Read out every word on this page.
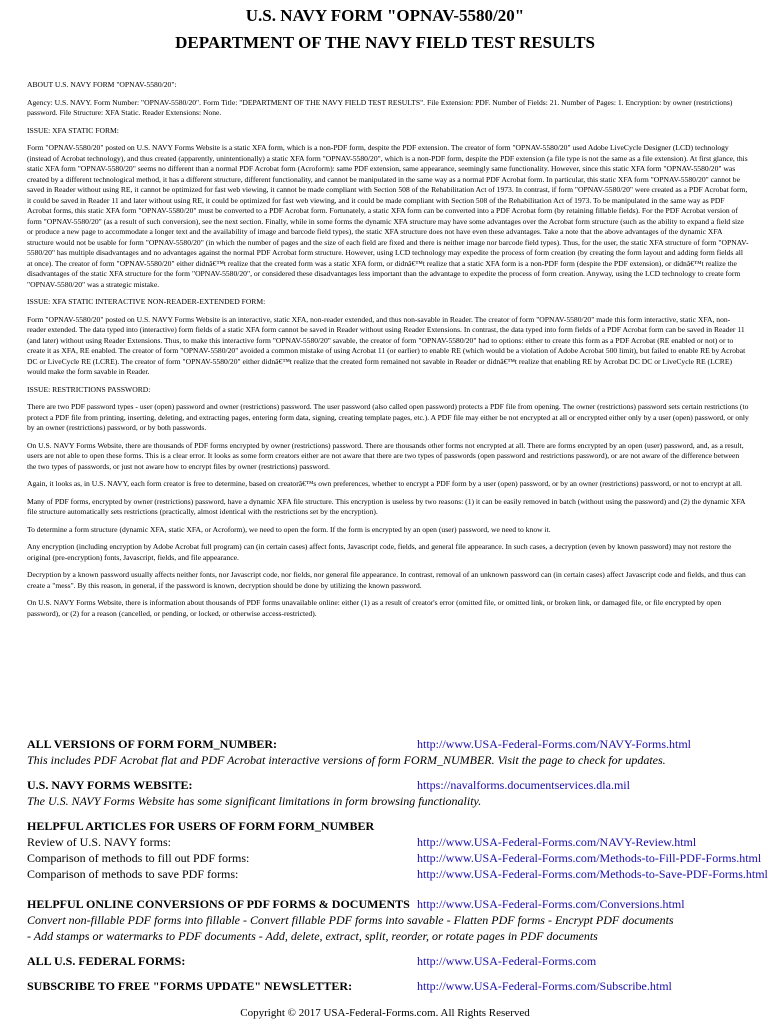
U.S. NAVY FORM "OPNAV-5580/20"
DEPARTMENT OF THE NAVY FIELD TEST RESULTS

ABOUT U.S. NAVY FORM "OPNAV-5580/20":

Agency: U.S. NAVY. Form Number: "OPNAV-5580/20". Form Title: "DEPARTMENT OF THE NAVY FIELD TEST RESULTS". File Extension: PDF. Number of Fields: 21. Number of Pages: 1. Encryption: by owner (restrictions) password. File Structure: XFA Static. Reader Extensions: None.

ISSUE: XFA STATIC FORM:

Form "OPNAV-5580/20" posted on U.S. NAVY Forms Website is a static XFA form, which is a non-PDF form, despite the PDF extension. The creator of form "OPNAV-5580/20" used Adobe LiveCycle Designer (LCD) technology (instead of Acrobat technology), and thus created (apparently, unintentionally) a static XFA form "OPNAV-5580/20", which is a non-PDF form, despite the PDF extension (a file type is not the same as a file extension). At first glance, this static XFA form "OPNAV-5580/20" seems no different than a normal PDF Acrobat form (Acroform): same PDF extension, same appearance, seemingly same functionality. However, since this static XFA form "OPNAV-5580/20" was created by a different technological method, it has a different structure, different functionality, and cannot be manipulated in the same way as a normal PDF Acrobat form. In particular, this static XFA form "OPNAV-5580/20" cannot be saved in Reader without using RE, it cannot be optimized for fast web viewing, it cannot be made compliant with Section 508 of the Rehabilitation Act of 1973. In contrast, if form "OPNAV-5580/20" were created as a PDF Acrobat form, it could be saved in Reader 11 and later without using RE, it could be optimized for fast web viewing, and it could be made compliant with Section 508 of the Rehabilitation Act of 1973. To be manipulated in the same way as PDF Acrobat forms, this static XFA form "OPNAV-5580/20" must be converted to a PDF Acrobat form. Fortunately, a static XFA form can be converted into a PDF Acrobat form (by retaining fillable fields). For the PDF Acrobat version of form "OPNAV-5580/20" (as a result of such conversion), see the next section. Finally, while in some forms the dynamic XFA structure may have some advantages over the Acrobat form structure (such as the ability to expand a field size or produce a new page to accommodate a longer text and the availability of image and barcode field types), the static XFA structure does not have even these advantages. Take a note that the above advantages of the dynamic XFA structure would not be usable for form "OPNAV-5580/20" (in which the number of pages and the size of each field are fixed and there is neither image nor barcode field types). Thus, for the user, the static XFA structure of form "OPNAV-5580/20" has multiple disadvantages and no advantages against the normal PDF Acrobat form structure. However, using LCD technology may expedite the process of form creation (by creating the form layout and adding form fields all at once). The creator of form "OPNAV-5580/20" either didnâ€™t realize that the created form was a static XFA form, or didnâ€™t realize that a static XFA form is a non-PDF form (despite the PDF extension), or didnâ€™t realize the disadvantages of the static XFA structure for the form "OPNAV-5580/20", or considered these disadvantages less important than the advantage to expedite the process of form creation. Anyway, using the LCD technology to create form "OPNAV-5580/20" was a strategic mistake.

ISSUE: XFA STATIC INTERACTIVE NON-READER-EXTENDED FORM:

Form "OPNAV-5580/20" posted on U.S. NAVY Forms Website is an interactive, static XFA, non-reader extended, and thus non-savable in Reader. The creator of form "OPNAV-5580/20" made this form interactive, static XFA, non-reader extended. The data typed into (interactive) form fields of a static XFA form cannot be saved in Reader without using Reader Extensions. In contrast, the data typed into form fields of a PDF Acrobat form can be saved in Reader 11 (and later) without using Reader Extensions. Thus, to make this interactive form "OPNAV-5580/20" savable, the creator of form "OPNAV-5580/20" had to options: either to create this form as a PDF Acrobat (RE enabled or not) or to create it as XFA, RE enabled. The creator of form "OPNAV-5580/20" avoided a common mistake of using Acrobat 11 (or earlier) to enable RE (which would be a violation of Adobe Acrobat 500 limit), but failed to enable RE by Acrobat DC or LiveCycle RE (LCRE). The creator of form "OPNAV-5580/20" either didnâ€™t realize that the created form remained not savable in Reader or didnâ€™t realize that enabling RE by Acrobat DC DC or LiveCycle RE (LCRE) would make the form savable in Reader.

ISSUE: RESTRICTIONS PASSWORD:

There are two PDF password types - user (open) password and owner (restrictions) password. The user password (also called open password) protects a PDF file from opening. The owner (restrictions) password sets certain restrictions (to protect a PDF file from printing, inserting, deleting, and extracting pages, entering form data, signing, creating template pages, etc.). A PDF file may either be not encrypted at all or encrypted either only by a user (open) password, or only by an owner (restrictions) password, or by both passwords.

On U.S. NAVY Forms Website, there are thousands of PDF forms encrypted by owner (restrictions) password. There are thousands other forms not encrypted at all. There are forms encrypted by an open (user) password, and, as a result, users are not able to open these forms. This is a clear error. It looks as some form creators either are not aware that there are two types of passwords (open password and restrictions password), or are not aware of the difference between the two types of passwords, or just not aware how to encrypt files by owner (restrictions) password.

Again, it looks as, in U.S. NAVY, each form creator is free to determine, based on creatorâ€™s own preferences, whether to encrypt a PDF form by a user (open) password, or by an owner (restrictions) password, or not to encrypt at all.

Many of PDF forms, encrypted by owner (restrictions) password, have a dynamic XFA file structure. This encryption is useless by two reasons: (1) it can be easily removed in batch (without using the password) and (2) the dynamic XFA file structure automatically sets restrictions (practically, almost identical with the restrictions set by the encryption).

To determine a form structure (dynamic XFA, static XFA, or Acroform), we need to open the form. If the form is encrypted by an open (user) password, we need to know it.

Any encryption (including encryption by Adobe Acrobat full program) can (in certain cases) affect fonts, Javascript code, fields, and general file appearance. In such cases, a decryption (even by known password) may not restore the original (pre-encryption) fonts, Javascript, fields, and file appearance.

Decryption by a known password usually affects neither fonts, nor Javascript code, nor fields, nor general file appearance. In contrast, removal of an unknown password can (in certain cases) affect Javascript code and fields, and thus can create a "mess". By this reason, in general, if the password is known, decryption should be done by utilizing the known password.

On U.S. NAVY Forms Website, there is information about thousands of PDF forms unavailable online: either (1) as a result of creator's error (omitted file, or omitted link, or broken link, or damaged file, or file encrypted by open password), or (2) for a reason (cancelled, or pending, or locked, or otherwise access-restricted).

ALL VERSIONS OF FORM FORM_NUMBER:	http://www.USA-Federal-Forms.com/NAVY-Forms.html
This includes PDF Acrobat flat and PDF Acrobat interactive versions of form FORM_NUMBER. Visit the page to check for updates.
U.S. NAVY FORMS WEBSITE:	https://navalforms.documentservices.dla.mil
The U.S. NAVY Forms Website has some significant limitations in form browsing functionality.
HELPFUL ARTICLES FOR USERS OF FORM FORM_NUMBER
Review of U.S. NAVY forms:	http://www.USA-Federal-Forms.com/NAVY-Review.html
Comparison of methods to fill out PDF forms:	http://www.USA-Federal-Forms.com/Methods-to-Fill-PDF-Forms.html
Comparison of methods to save PDF forms:	http://www.USA-Federal-Forms.com/Methods-to-Save-PDF-Forms.html
HELPFUL ONLINE CONVERSIONS OF PDF FORMS & DOCUMENTS http://www.USA-Federal-Forms.com/Conversions.html
Convert non-fillable PDF forms into fillable - Convert fillable PDF forms into savable - Flatten PDF forms - Encrypt PDF documents
- Add stamps or watermarks to PDF documents - Add, delete, extract, split, reorder, or rotate pages in PDF documents
ALL U.S. FEDERAL FORMS:	http://www.USA-Federal-Forms.com
SUBSCRIBE TO FREE "FORMS UPDATE" NEWSLETTER:	http://www.USA-Federal-Forms.com/Subscribe.html
Copyright © 2017 USA-Federal-Forms.com. All Rights Reserved
